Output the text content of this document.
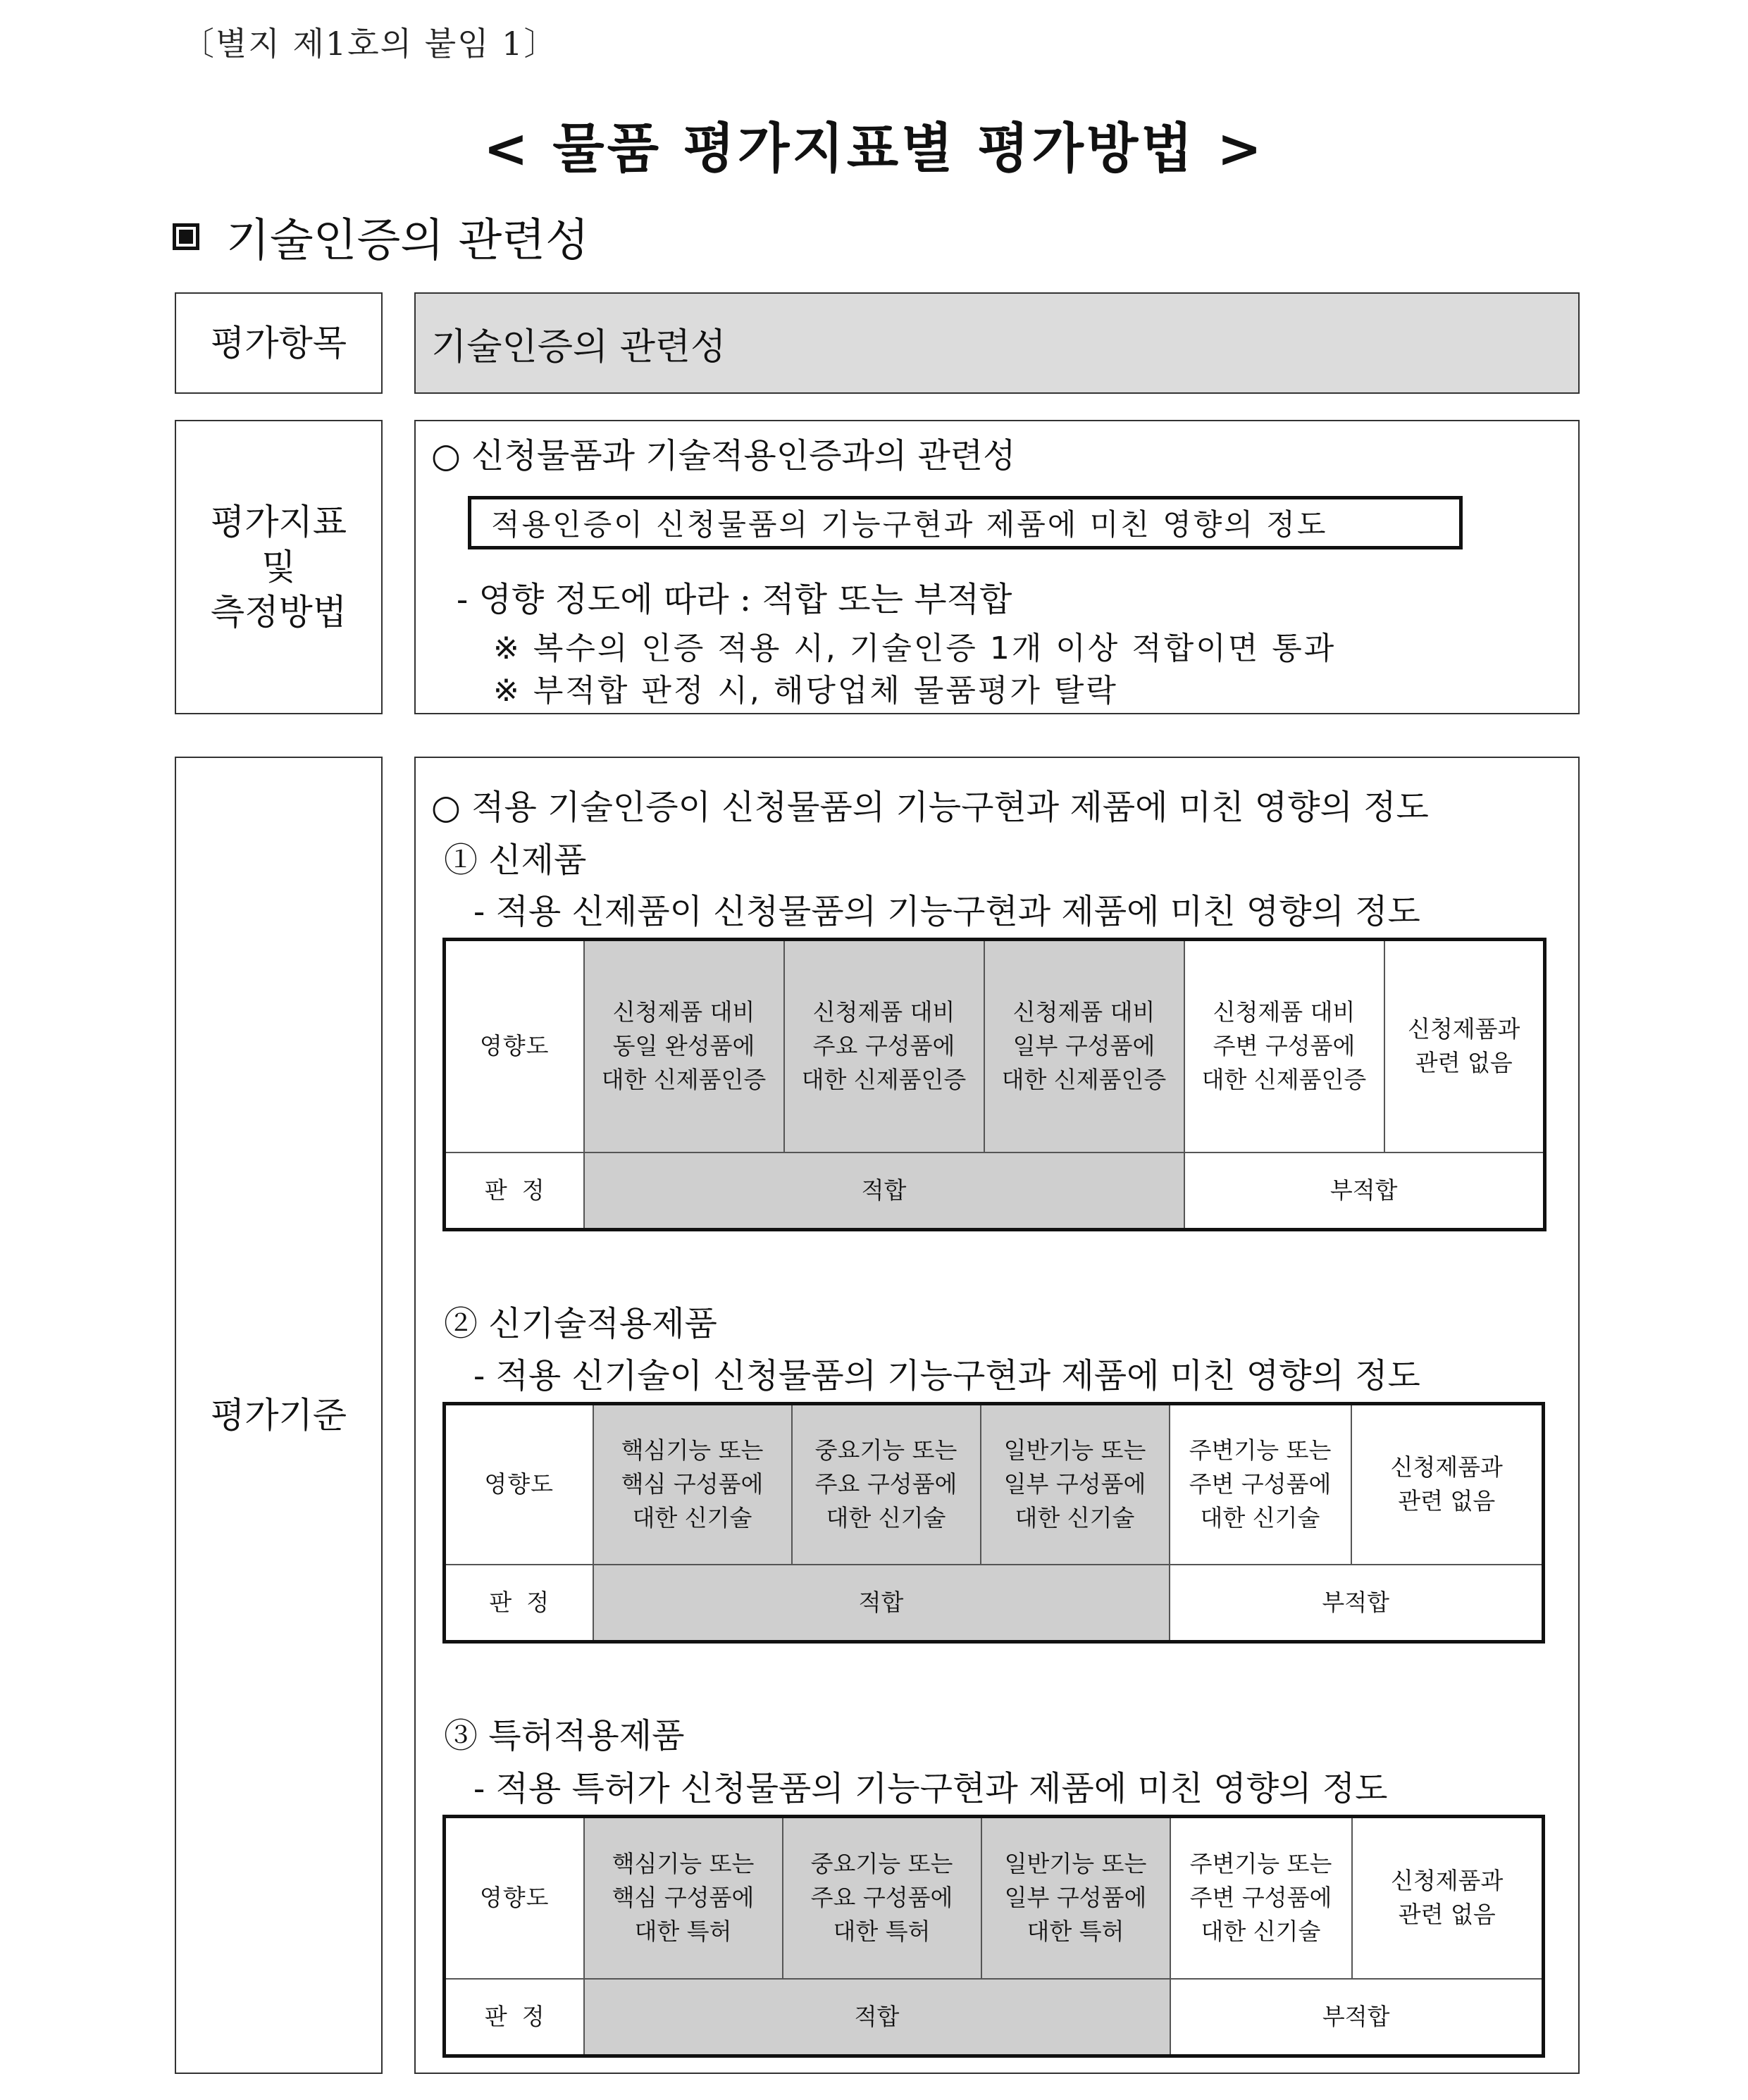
〔별지 제1호의 붙임 1〕
< 물품 평가지표별 평가방법 >
기술인증의 관련성
평가항목	기술인증의 관련성
평가지표
및
측정방법
○ 신청물품과 기술적용인증과의 관련성
적용인증이 신청물품의 기능구현과 제품에 미친 영향의 정도
- 영향 정도에 따라 : 적합 또는 부적합
※ 복수의 인증 적용 시, 기술인증 1개 이상 적합이면 통과
※ 부적합 판정 시, 해당업체 물품평가 탈락
평가기준
○ 적용 기술인증이 신청물품의 기능구현과 제품에 미친 영향의 정도
① 신제품
- 적용 신제품이 신청물품의 기능구현과 제품에 미친 영향의 정도
영향도	신청제품 대비
동일 완성품에
대한 신제품인증	신청제품 대비
주요 구성품에
대한 신제품인증	신청제품 대비
일부 구성품에
대한 신제품인증	신청제품 대비
주변 구성품에
대한 신제품인증	신청제품과
관련 없음
판  정	적합			부적합	
② 신기술적용제품
- 적용 신기술이 신청물품의 기능구현과 제품에 미친 영향의 정도
영향도	핵심기능 또는
핵심 구성품에
대한 신기술	중요기능 또는
주요 구성품에
대한 신기술	일반기능 또는
일부 구성품에
대한 신기술	주변기능 또는
주변 구성품에
대한 신기술	신청제품과
관련 없음
판  정	적합			부적합	
③ 특허적용제품
- 적용 특허가 신청물품의 기능구현과 제품에 미친 영향의 정도
영향도	핵심기능 또는
핵심 구성품에
대한 특허	중요기능 또는
주요 구성품에
대한 특허	일반기능 또는
일부 구성품에
대한 특허	주변기능 또는
주변 구성품에
대한 신기술	신청제품과
관련 없음
판  정	적합			부적합	
